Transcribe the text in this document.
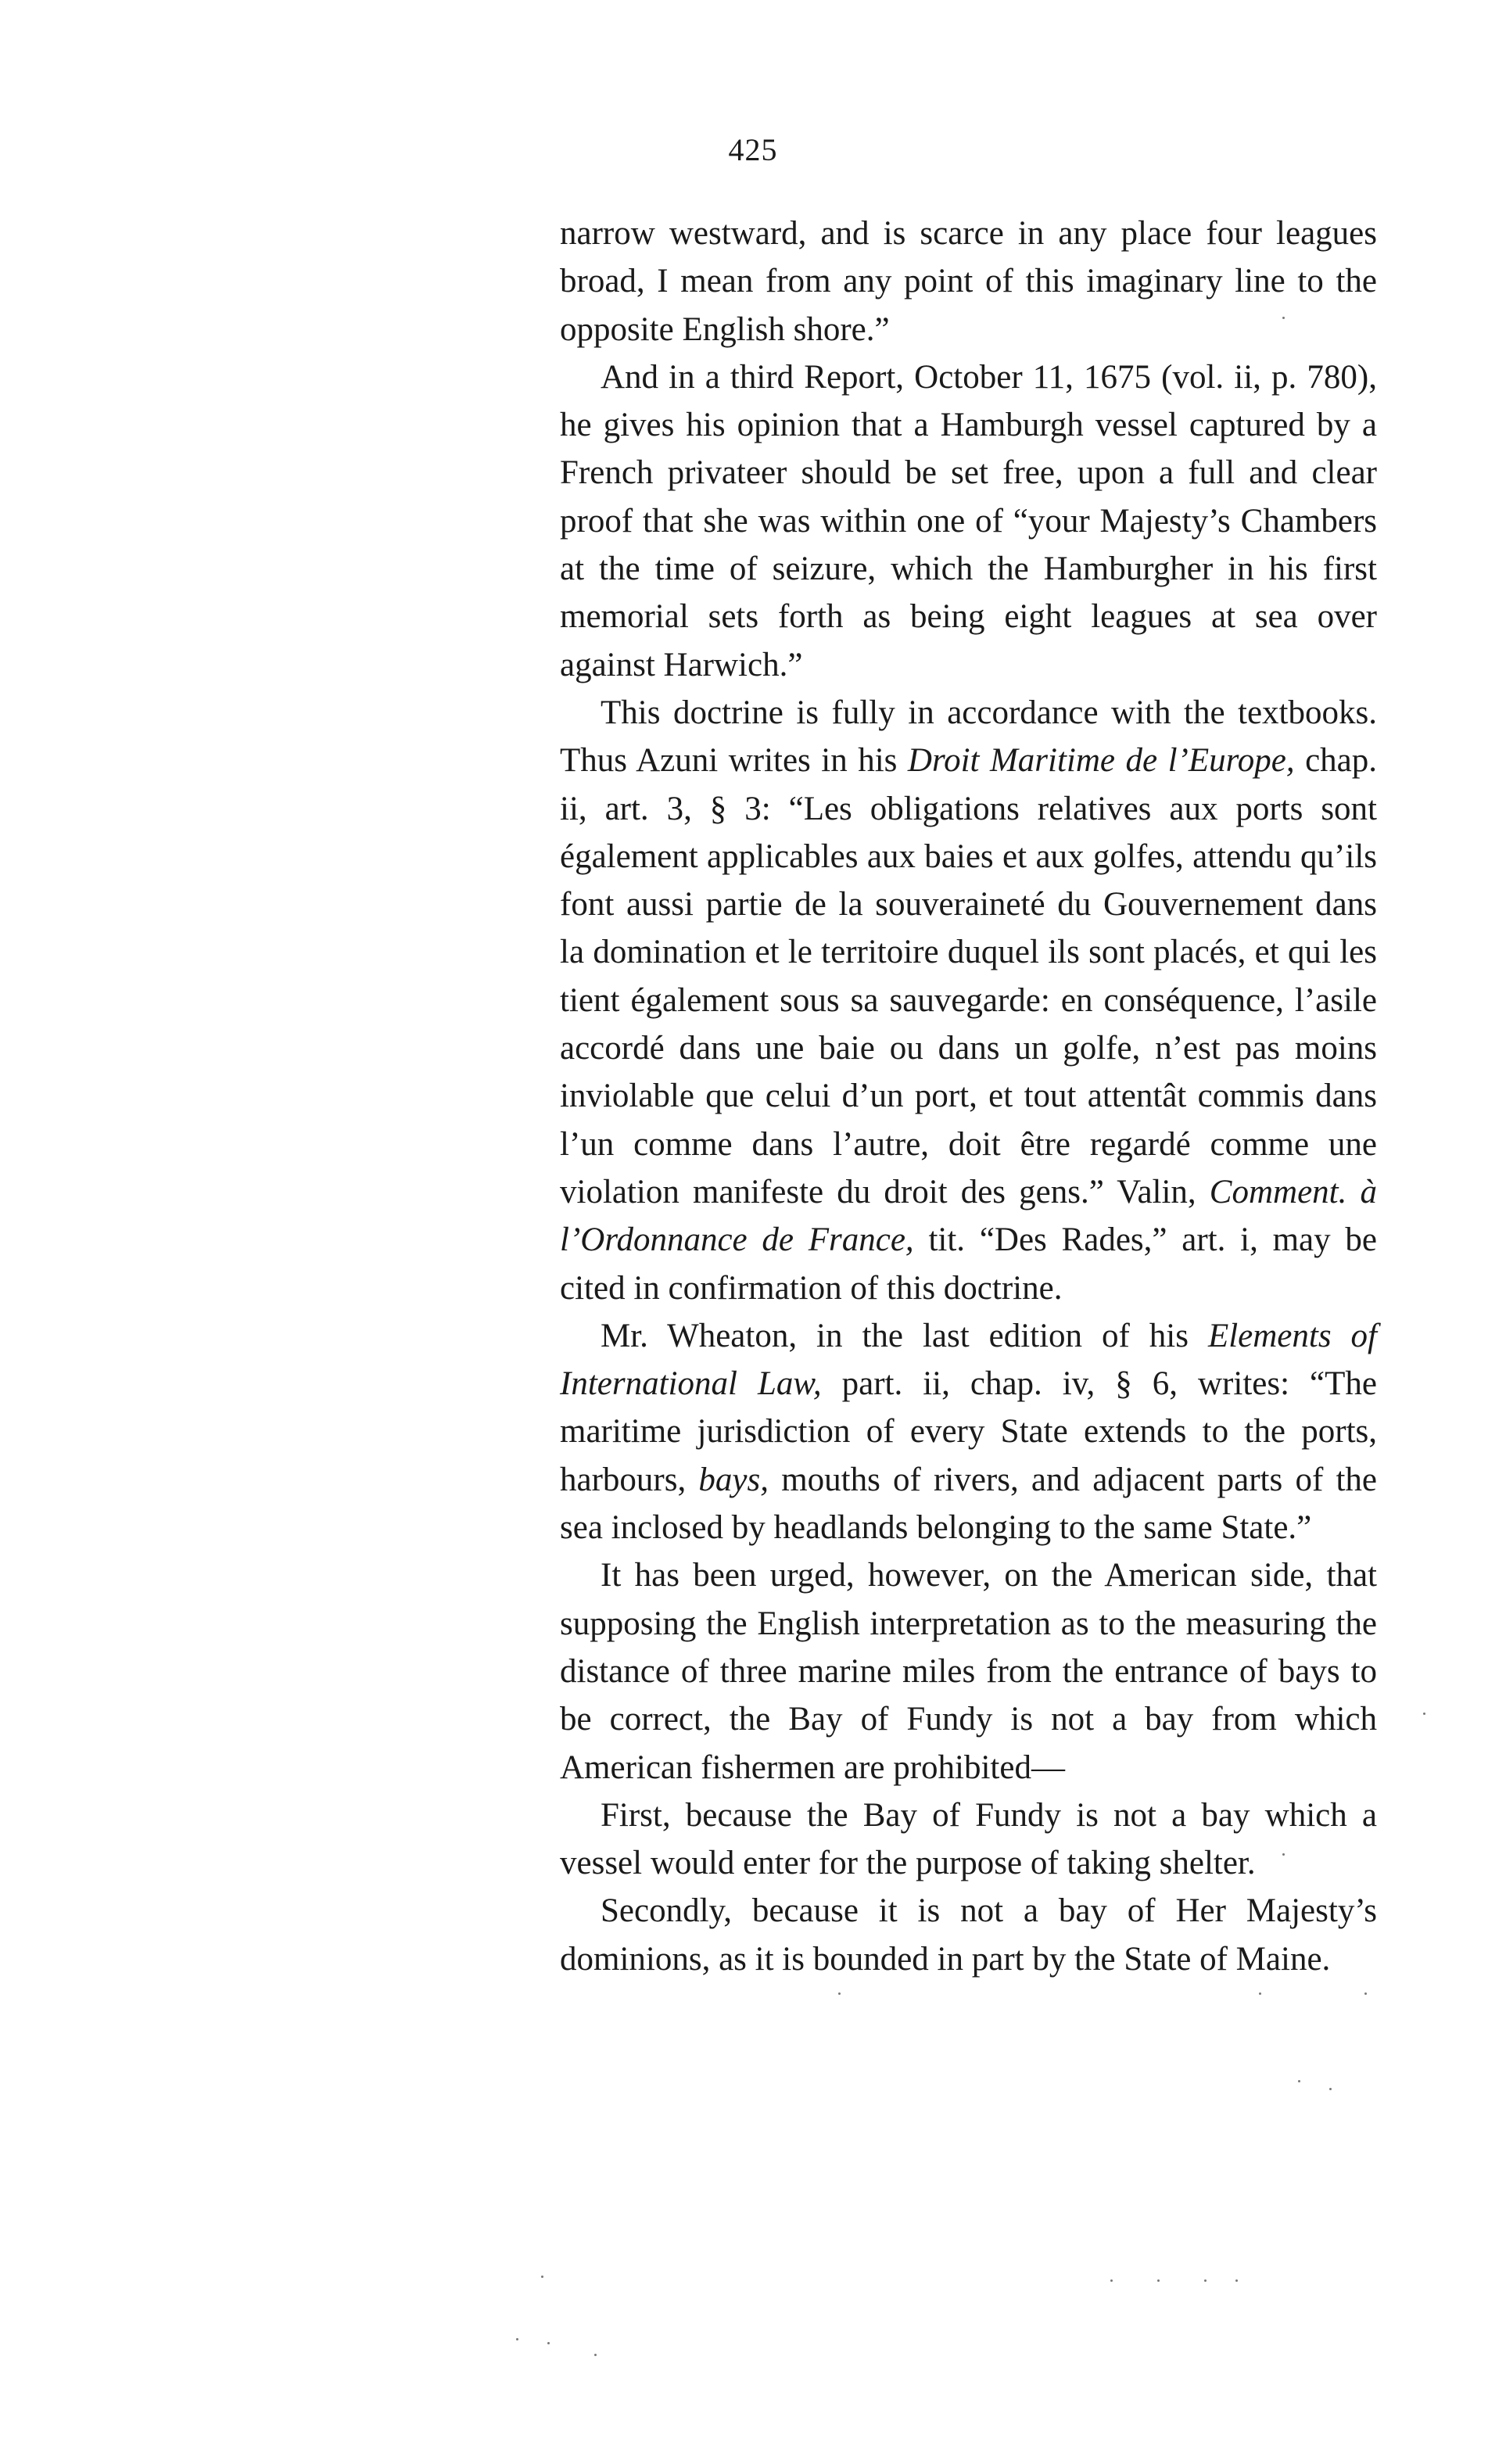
425

narrow westward, and is scarce in any place four leagues broad, I mean from any point of this imaginary line to the opposite English shore.”

And in a third Report, October 11, 1675 (vol. ii, p. 780), he gives his opinion that a Hamburgh vessel captured by a French privateer should be set free, upon a full and clear proof that she was within one of “your Majesty’s Chambers at the time of seizure, which the Hamburgher in his first memorial sets forth as being eight leagues at sea over against Harwich.”

This doctrine is fully in accordance with the textbooks. Thus Azuni writes in his Droit Maritime de l’Europe, chap. ii, art. 3, § 3: “Les obligations relatives aux ports sont également applicables aux baies et aux golfes, attendu qu’ils font aussi partie de la souveraineté du Gouvernement dans la domination et le territoire duquel ils sont placés, et qui les tient également sous sa sauvegarde: en conséquence, l’asile accordé dans une baie ou dans un golfe, n’est pas moins inviolable que celui d’un port, et tout attentât commis dans l’un comme dans l’autre, doit être regardé comme une violation manifeste du droit des gens.” Valin, Comment. à l’Ordonnance de France, tit. “Des Rades,” art. i, may be cited in confirmation of this doctrine.

Mr. Wheaton, in the last edition of his Elements of International Law, part. ii, chap. iv, § 6, writes: “The maritime jurisdiction of every State extends to the ports, harbours, bays, mouths of rivers, and adjacent parts of the sea inclosed by headlands belonging to the same State.”

It has been urged, however, on the American side, that supposing the English interpretation as to the measuring the distance of three marine miles from the entrance of bays to be correct, the Bay of Fundy is not a bay from which American fishermen are prohibited—

First, because the Bay of Fundy is not a bay which a vessel would enter for the purpose of taking shelter.

Secondly, because it is not a bay of Her Majesty’s dominions, as it is bounded in part by the State of Maine.
